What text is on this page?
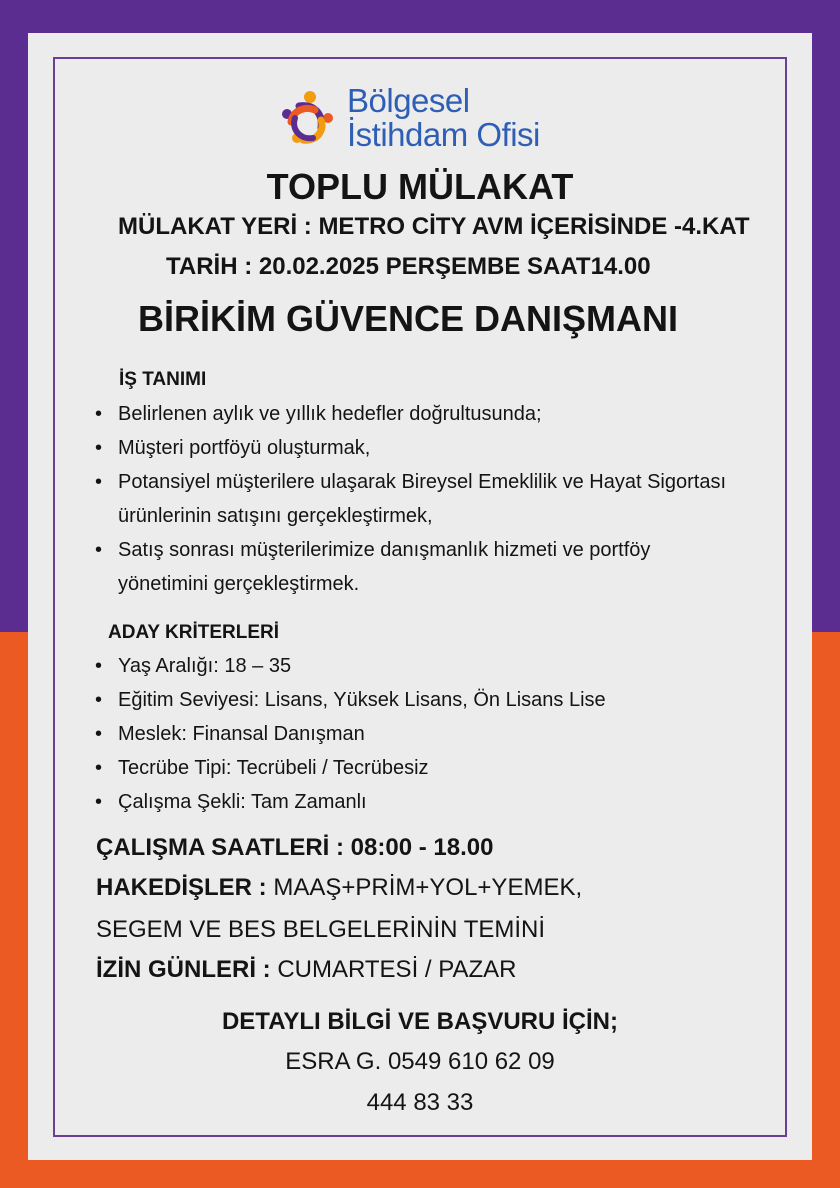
Bölgesel
İstihdam Ofisi
TOPLU MÜLAKAT
MÜLAKAT YERİ : METRO CİTY AVM İÇERİSİNDE -4.KAT
TARİH : 20.02.2025 PERŞEMBE SAAT14.00
BİRİKİM GÜVENCE DANIŞMANI
İŞ TANIMI
• Belirlenen aylık ve yıllık hedefler doğrultusunda;
• Müşteri portföyü oluşturmak,
• Potansiyel müşterilere ulaşarak Bireysel Emeklilik ve Hayat Sigortası ürünlerinin satışını gerçekleştirmek,
• Satış sonrası müşterilerimize danışmanlık hizmeti ve portföy yönetimini gerçekleştirmek.
ADAY KRİTERLERİ
• Yaş Aralığı: 18 – 35
• Eğitim Seviyesi: Lisans, Yüksek Lisans, Ön Lisans Lise
• Meslek: Finansal Danışman
• Tecrübe Tipi: Tecrübeli / Tecrübesiz
• Çalışma Şekli: Tam Zamanlı
ÇALIŞMA SAATLERİ : 08:00 - 18.00
HAKEDİŞLER : MAAŞ+PRİM+YOL+YEMEK,
SEGEM VE BES BELGELERİNİN TEMİNİ
İZİN GÜNLERİ : CUMARTESİ / PAZAR
DETAYLI BİLGİ VE BAŞVURU İÇİN;
ESRA G. 0549 610 62 09
444 83 33
